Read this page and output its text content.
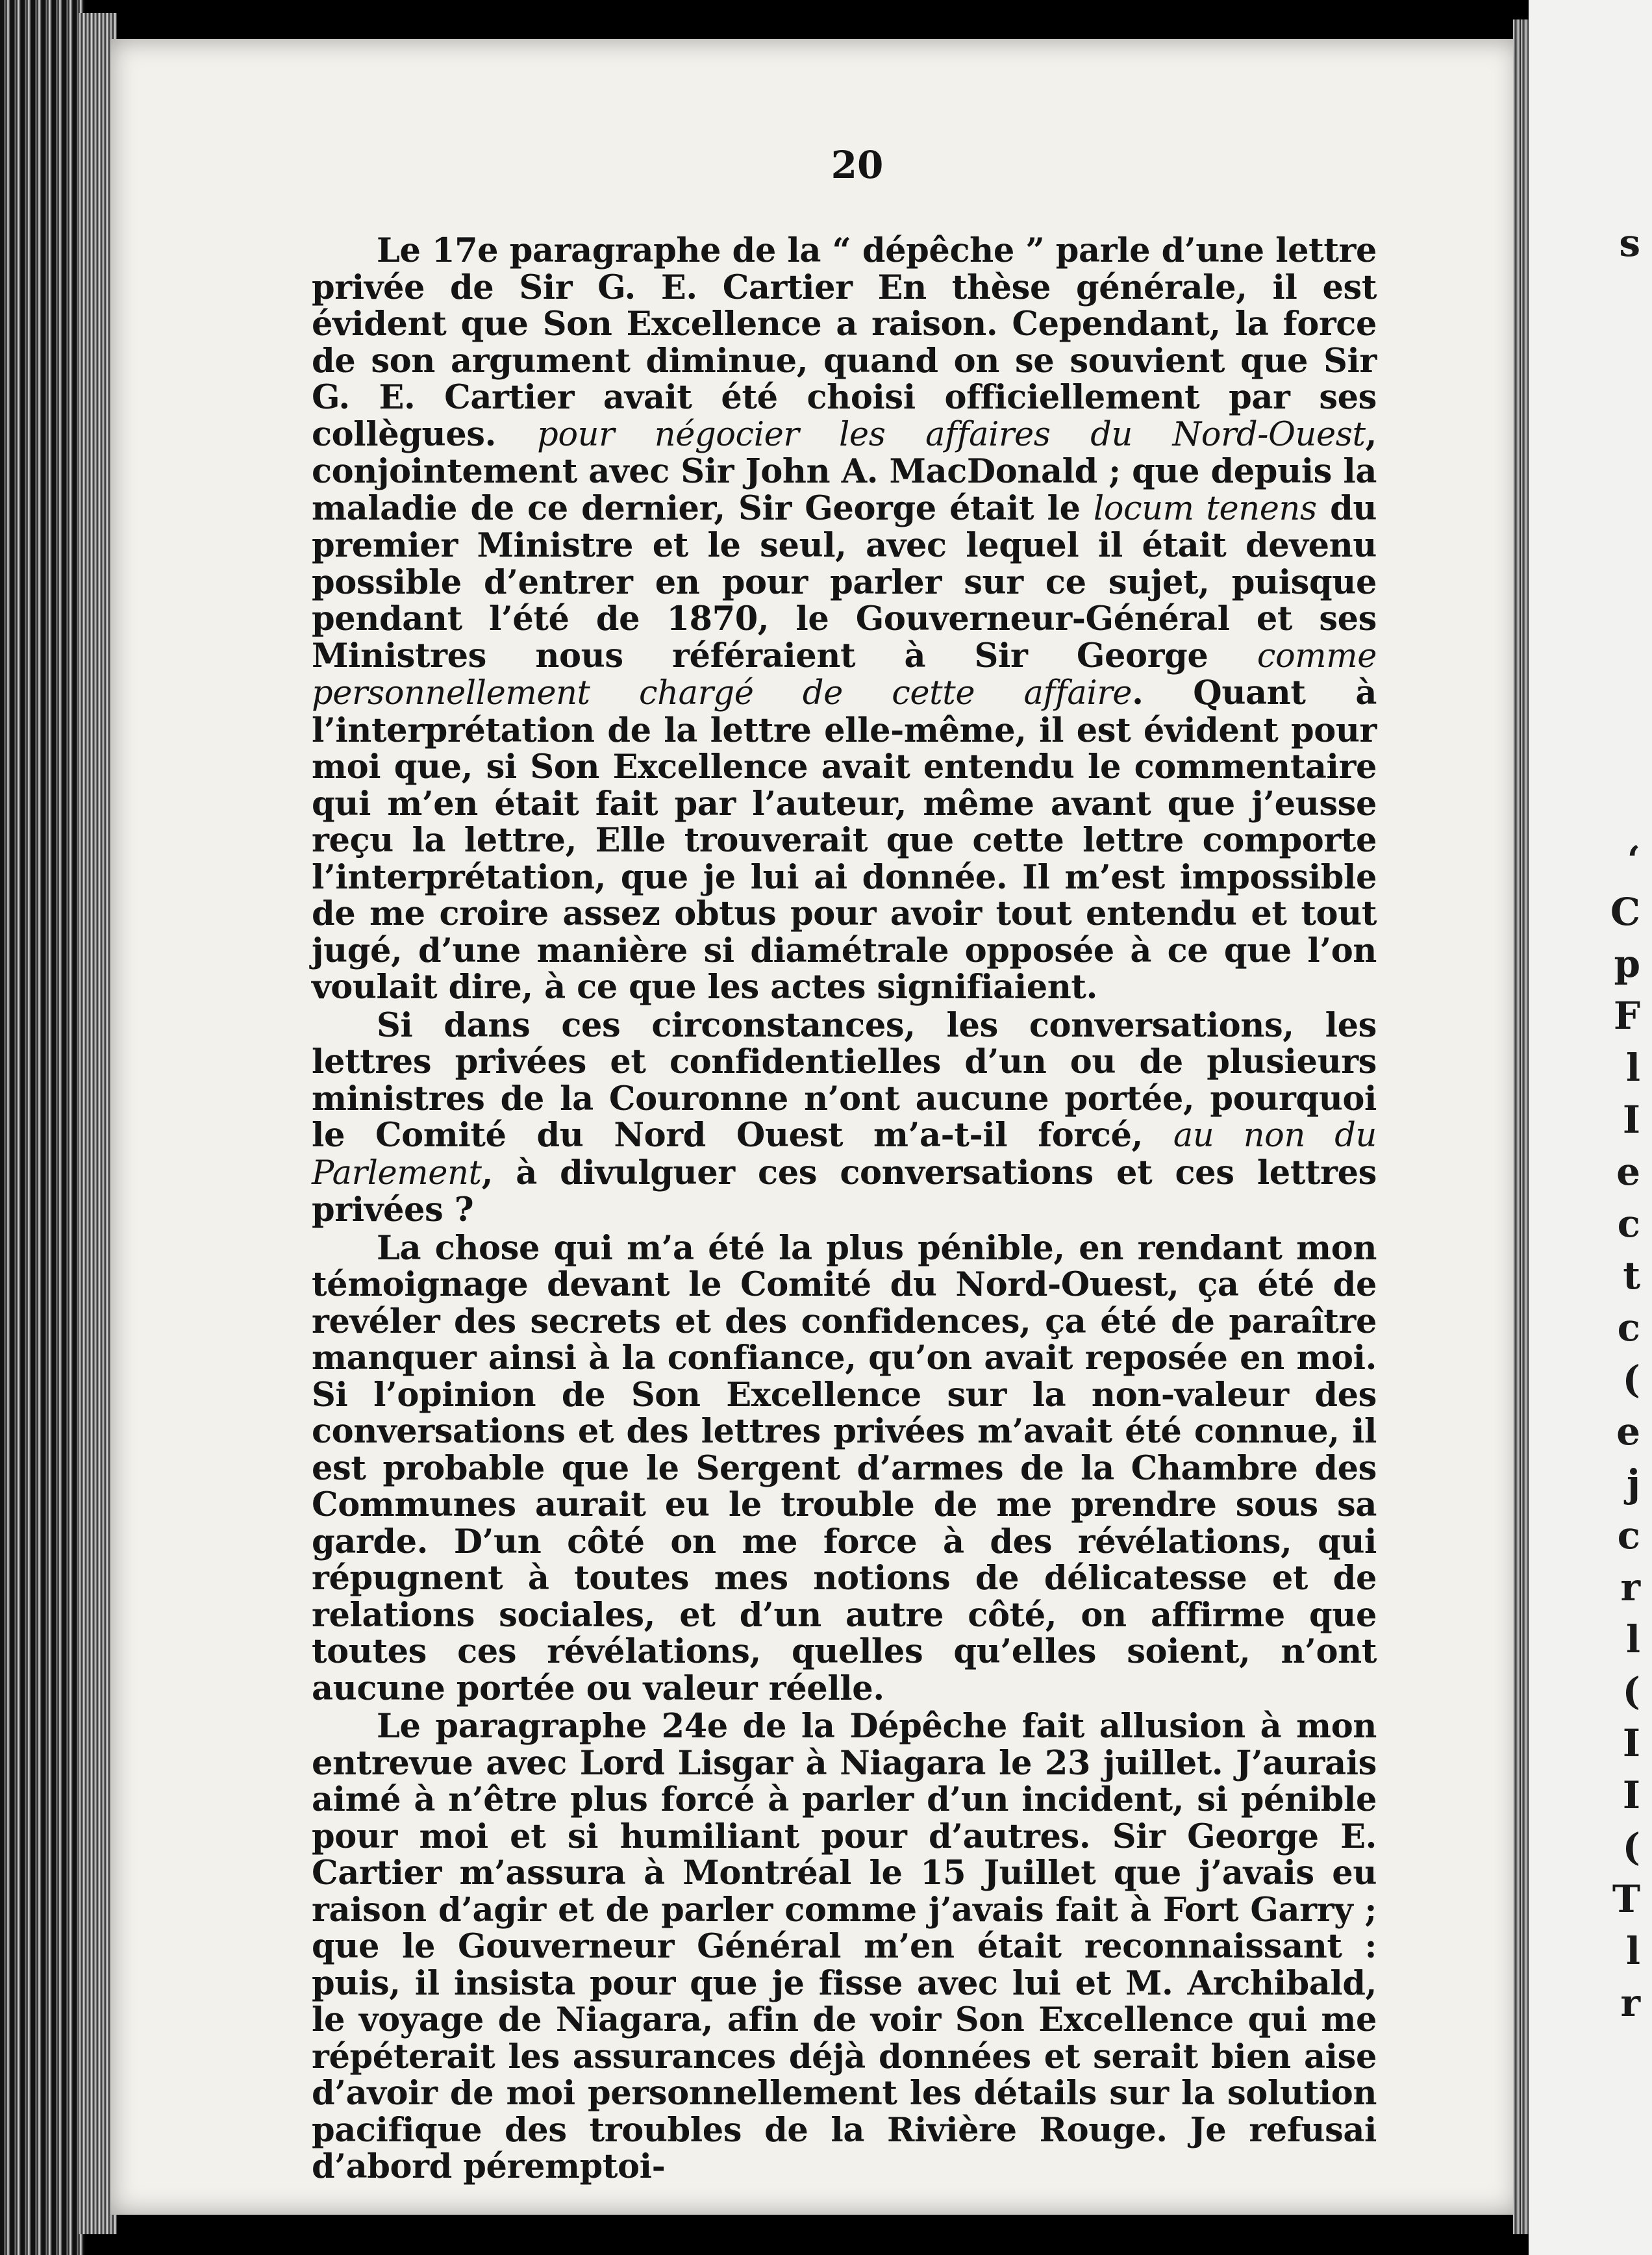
20

Le 17e paragraphe de la “ dépêche ” parle d’une lettre privée de Sir G. E. Cartier En thèse générale, il est évident que Son Excellence a raison. Cependant, la force de son argument diminue, quand on se souvient que Sir G. E. Cartier avait été choisi officiellement par ses collègues. pour négocier les affaires du Nord-Ouest, conjointement avec Sir John A. MacDonald ; que depuis la maladie de ce dernier, Sir George était le locum tenens du premier Ministre et le seul, avec lequel il était devenu possible d’entrer en pour parler sur ce sujet, puisque pendant l’été de 1870, le Gouverneur-Général et ses Ministres nous référaient à Sir George comme personnellement chargé de cette affaire. Quant à l’interprétation de la lettre elle-même, il est évident pour moi que, si Son Excellence avait entendu le commentaire qui m’en était fait par l’auteur, même avant que j’eusse reçu la lettre, Elle trouverait que cette lettre comporte l’interprétation, que je lui ai donnée. Il m’est impossible de me croire assez obtus pour avoir tout entendu et tout jugé, d’une manière si diamétrale opposée à ce que l’on voulait dire, à ce que les actes signifiaient.

Si dans ces circonstances, les conversations, les lettres privées et confidentielles d’un ou de plusieurs ministres de la Couronne n’ont aucune portée, pourquoi le Comité du Nord Ouest m’a-t-il forcé, au non du Parlement, à divulguer ces conversations et ces lettres privées ?

La chose qui m’a été la plus pénible, en rendant mon témoignage devant le Comité du Nord-Ouest, ça été de revéler des secrets et des confidences, ça été de paraître manquer ainsi à la confiance, qu’on avait reposée en moi. Si l’opinion de Son Excellence sur la non-valeur des conversations et des lettres privées m’avait été connue, il est probable que le Sergent d’armes de la Chambre des Communes aurait eu le trouble de me prendre sous sa garde. D’un côté on me force à des révélations, qui répugnent à toutes mes notions de délicatesse et de relations sociales, et d’un autre côté, on affirme que toutes ces révélations, quelles qu’elles soient, n’ont aucune portée ou valeur réelle.

Le paragraphe 24e de la Dépêche fait allusion à mon entrevue avec Lord Lisgar à Niagara le 23 juillet. J’aurais aimé à n’être plus forcé à parler d’un incident, si pénible pour moi et si humiliant pour d’autres. Sir George E. Cartier m’assura à Montréal le 15 Juillet que j’avais eu raison d’agir et de parler comme j’avais fait à Fort Garry ; que le Gouverneur Général m’en était reconnaissant : puis, il insista pour que je fisse avec lui et M. Archibald, le voyage de Niagara, afin de voir Son Excellence qui me répéterait les assurances déjà données et serait bien aise d’avoir de moi personnellement les détails sur la solution pacifique des troubles de la Rivière Rouge. Je refusai d’abord péremptoi-

s
‘
C
p
F
l
I
e
c
t
c
(
e
j
c
r
l
(
I
I
(
T
l
r
